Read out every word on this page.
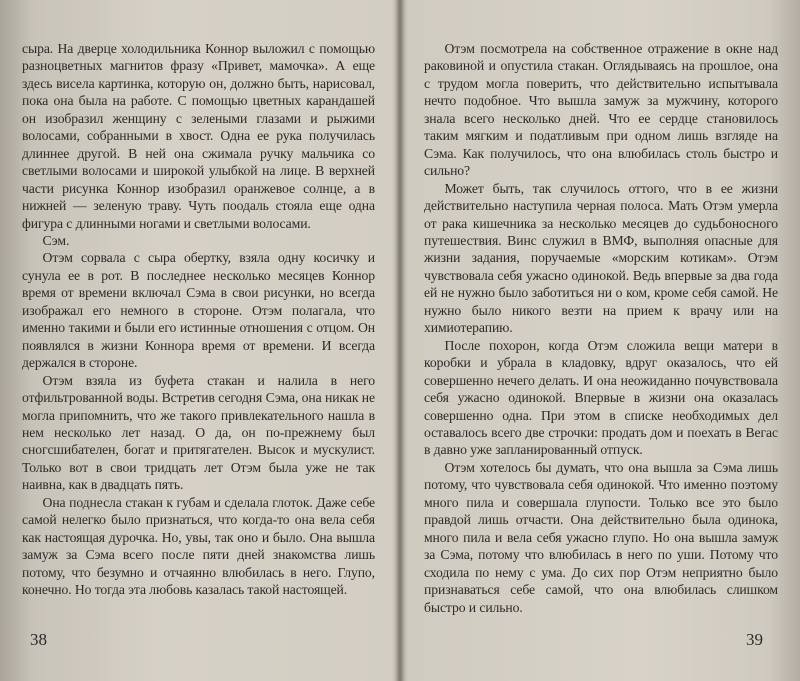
сыра. На дверце холодильника Коннор выложил с помощью разноцветных магнитов фразу «Привет, мамочка». А еще здесь висела картинка, которую он, должно быть, нарисовал, пока она была на работе. С помощью цветных карандашей он изобразил женщину с зелеными глазами и рыжими волосами, собранными в хвост. Одна ее рука получилась длиннее другой. В ней она сжимала ручку мальчика со светлыми волосами и широкой улыбкой на лице. В верхней части рисунка Коннор изобразил оранжевое солнце, а в нижней — зеленую траву. Чуть поодаль стояла еще одна фигура с длинными ногами и светлыми волосами.

Сэм.

Отэм сорвала с сыра обертку, взяла одну косичку и сунула ее в рот. В последнее несколько месяцев Коннор время от времени включал Сэма в свои рисунки, но всегда изображал его немного в стороне. Отэм полагала, что именно такими и были его истинные отношения с отцом. Он появлялся в жизни Коннора время от времени. И всегда держался в стороне.

Отэм взяла из буфета стакан и налила в него отфильтрованной воды. Встретив сегодня Сэма, она никак не могла припомнить, что же такого привлекательного нашла в нем несколько лет назад. О да, он по-прежнему был сногсшибателен, богат и притягателен. Высок и мускулист. Только вот в свои тридцать лет Отэм была уже не так наивна, как в двадцать пять.

Она поднесла стакан к губам и сделала глоток. Даже себе самой нелегко было признаться, что когда-то она вела себя как настоящая дурочка. Но, увы, так оно и было. Она вышла замуж за Сэма всего после пяти дней знакомства лишь потому, что безумно и отчаянно влюбилась в него. Глупо, конечно. Но тогда эта любовь казалась такой настоящей.

38

Отэм посмотрела на собственное отражение в окне над раковиной и опустила стакан. Оглядываясь на прошлое, она с трудом могла поверить, что действительно испытывала нечто подобное. Что вышла замуж за мужчину, которого знала всего несколько дней. Что ее сердце становилось таким мягким и податливым при одном лишь взгляде на Сэма. Как получилось, что она влюбилась столь быстро и сильно?

Может быть, так случилось оттого, что в ее жизни действительно наступила черная полоса. Мать Отэм умерла от рака кишечника за несколько месяцев до судьбоносного путешествия. Винс служил в ВМФ, выполняя опасные для жизни задания, поручаемые «морским котикам». Отэм чувствовала себя ужасно одинокой. Ведь впервые за два года ей не нужно было заботиться ни о ком, кроме себя самой. Не нужно было никого везти на прием к врачу или на химиотерапию.

После похорон, когда Отэм сложила вещи матери в коробки и убрала в кладовку, вдруг оказалось, что ей совершенно нечего делать. И она неожиданно почувствовала себя ужасно одинокой. Впервые в жизни она оказалась совершенно одна. При этом в списке необходимых дел оставалось всего две строчки: продать дом и поехать в Вегас в давно уже запланированный отпуск.

Отэм хотелось бы думать, что она вышла за Сэма лишь потому, что чувствовала себя одинокой. Что именно поэтому много пила и совершала глупости. Только все это было правдой лишь отчасти. Она действительно была одинока, много пила и вела себя ужасно глупо. Но она вышла замуж за Сэма, потому что влюбилась в него по уши. Потому что сходила по нему с ума. До сих пор Отэм неприятно было признаваться себе самой, что она влюбилась слишком быстро и сильно.

39
